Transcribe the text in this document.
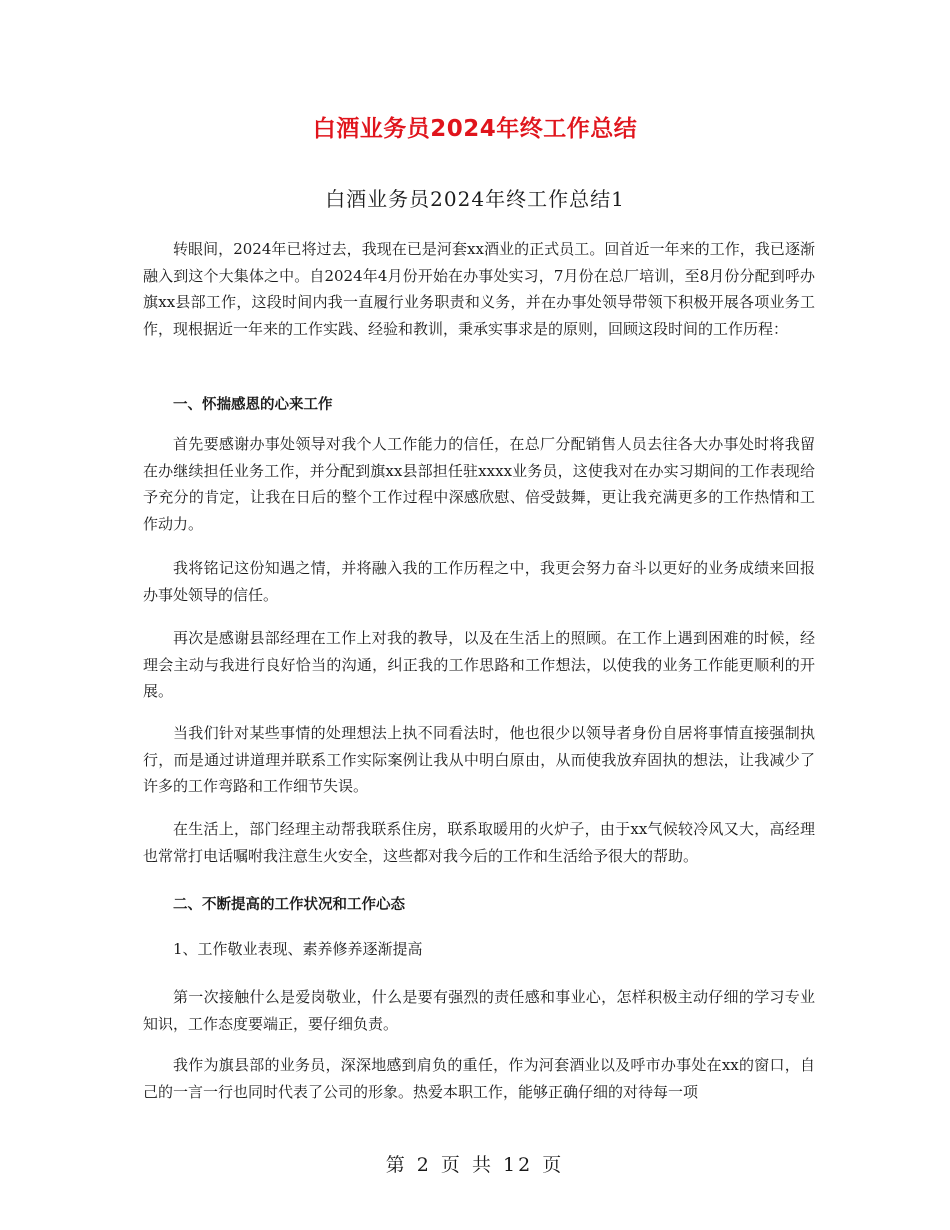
白酒业务员2024年终工作总结
白酒业务员2024年终工作总结1

转眼间，2024年已将过去，我现在已是河套xx酒业的正式员工。回首近一年来的工作，我已逐渐融入到这个大集体之中。自2024年4月份开始在办事处实习，7月份在总厂培训，至8月份分配到呼办旗xx县部工作，这段时间内我一直履行业务职责和义务，并在办事处领导带领下积极开展各项业务工作，现根据近一年来的工作实践、经验和教训，秉承实事求是的原则，回顾这段时间的工作历程：

一、怀揣感恩的心来工作

首先要感谢办事处领导对我个人工作能力的信任，在总厂分配销售人员去往各大办事处时将我留在办继续担任业务工作，并分配到旗xx县部担任驻xxxx业务员，这使我对在办实习期间的工作表现给予充分的肯定，让我在日后的整个工作过程中深感欣慰、倍受鼓舞，更让我充满更多的工作热情和工作动力。

我将铭记这份知遇之情，并将融入我的工作历程之中，我更会努力奋斗以更好的业务成绩来回报办事处领导的信任。

再次是感谢县部经理在工作上对我的教导，以及在生活上的照顾。在工作上遇到困难的时候，经理会主动与我进行良好恰当的沟通，纠正我的工作思路和工作想法，以使我的业务工作能更顺利的开展。

当我们针对某些事情的处理想法上执不同看法时，他也很少以领导者身份自居将事情直接强制执行，而是通过讲道理并联系工作实际案例让我从中明白原由，从而使我放弃固执的想法，让我减少了许多的工作弯路和工作细节失误。

在生活上，部门经理主动帮我联系住房，联系取暖用的火炉子，由于xx气候较冷风又大，高经理也常常打电话嘱咐我注意生火安全，这些都对我今后的工作和生活给予很大的帮助。

二、不断提高的工作状况和工作心态
1、工作敬业表现、素养修养逐渐提高

第一次接触什么是爱岗敬业，什么是要有强烈的责任感和事业心，怎样积极主动仔细的学习专业知识，工作态度要端正，要仔细负责。

我作为旗县部的业务员，深深地感到肩负的重任，作为河套酒业以及呼市办事处在xx的窗口，自己的一言一行也同时代表了公司的形象。热爱本职工作，能够正确仔细的对待每一项

第 2 页 共 12 页
